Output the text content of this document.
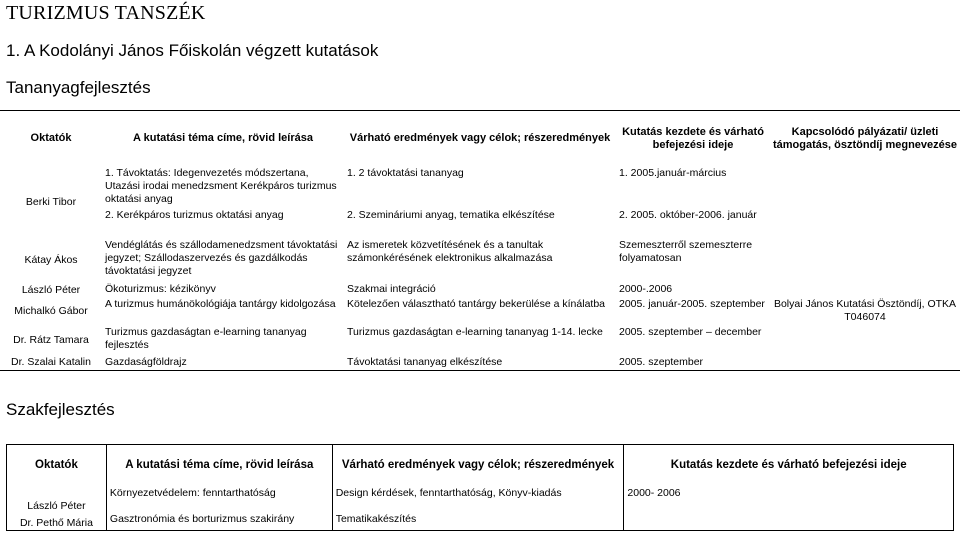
TURIZMUS TANSZÉK
1. A Kodolányi János Főiskolán végzett kutatások
Tananyagfejlesztés
Oktatók	A kutatási téma címe, rövid leírása	Várható eredmények vagy célok; részeredmények	Kutatás kezdete és várható befejezési ideje	Kapcsolódó pályázati/ üzleti támogatás, ösztöndíj megnevezése
Berki Tibor	1. Távoktatás: Idegenvezetés módszertana, Utazási irodai menedzsment Kerékpáros turizmus oktatási anyag	1. 2 távoktatási tananyag	1. 2005.január-március	
	2. Kerékpáros turizmus oktatási anyag	2. Szemináriumi anyag, tematika elkészítése	2. 2005. október-2006. január	
Kátay Ákos	Vendéglátás és szállodamenedzsment távoktatási jegyzet; Szállodaszervezés és gazdálkodás távoktatási jegyzet	Az ismeretek közvetítésének és a tanultak számonkérésének elektronikus alkalmazása	Szemeszterről szemeszterre folyamatosan	
László Péter	Ökoturizmus: kézikönyv	Szakmai integráció	2000-.2006	
Michalkó Gábor	A turizmus humánökológiája tantárgy kidolgozása	Kötelezően választható tantárgy bekerülése a kínálatba	2005. január-2005. szeptember	Bolyai János Kutatási Ösztöndíj, OTKA T046074
Dr. Rátz Tamara	Turizmus gazdaságtan e-learning tananyag fejlesztés	Turizmus gazdaságtan e-learning tananyag 1-14. lecke	2005. szeptember – december	
Dr. Szalai Katalin	Gazdaságföldrajz	Távoktatási tananyag elkészítése	2005. szeptember	
Szakfejlesztés
Oktatók	A kutatási téma címe, rövid leírása	Várható eredmények vagy célok; részeredmények	Kutatás kezdete és várható befejezési ideje
László Péter	Környezetvédelem: fenntarthatóság	Design kérdések, fenntarthatóság, Könyv-kiadás	2000- 2006
Dr. Pethő Mária	Gasztronómia és borturizmus szakirány	Tematikakészítés	
